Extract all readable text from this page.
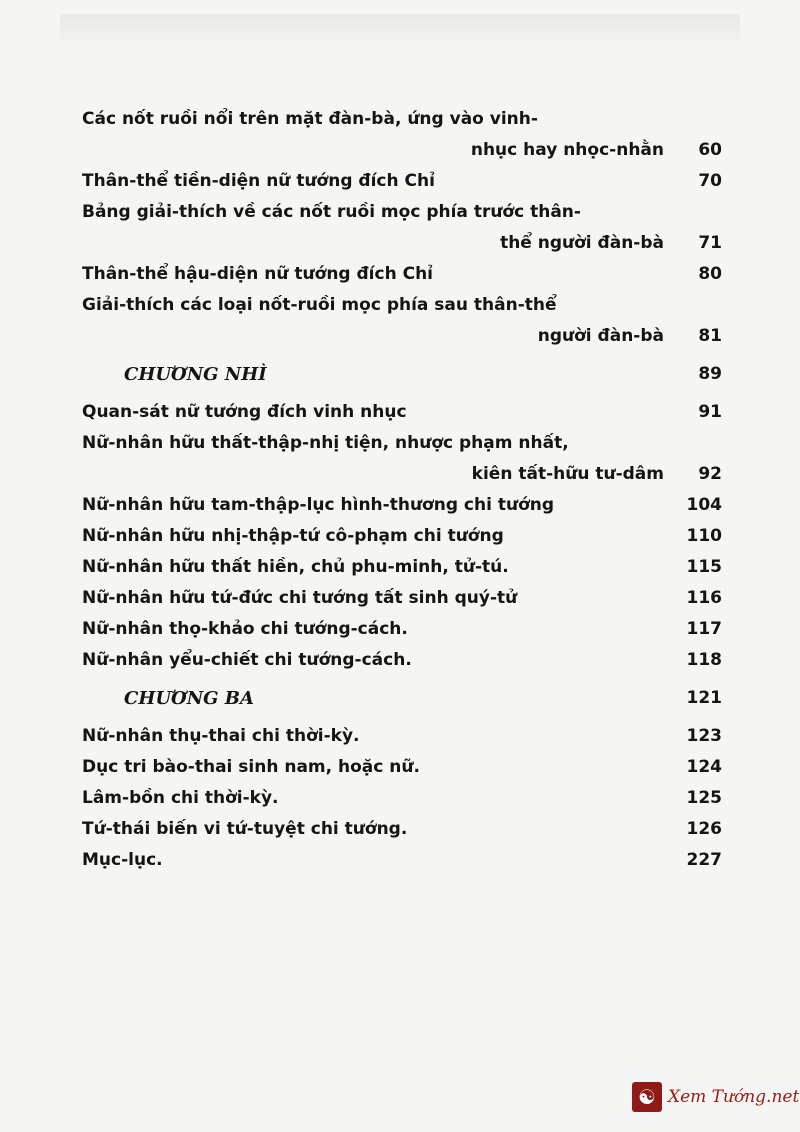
Các nốt ruồi nổi trên mặt đàn-bà, ứng vào vinh-
nhục hay nhọc-nhằn	60
Thân-thể tiền-diện nữ tướng đích Chỉ	70
Bảng giải-thích về các nốt ruồi mọc phía trước thân-
thể người đàn-bà	71
Thân-thể hậu-diện nữ tướng đích Chỉ	80
Giải-thích các loại nốt-ruồi mọc phía sau thân-thể
người đàn-bà	81
CHƯƠNG NHÌ	89
Quan-sát nữ tướng đích vinh nhục	91
Nữ-nhân hữu thất-thập-nhị tiện, nhược phạm nhất,
kiên tất-hữu tư-dâm	92
Nữ-nhân hữu tam-thập-lục hình-thương chi tướng	104
Nữ-nhân hữu nhị-thập-tứ cô-phạm chi tướng	110
Nữ-nhân hữu thất hiền, chủ phu-minh, tử-tú.	115
Nữ-nhân hữu tứ-đức chi tướng tất sinh quý-tử	116
Nữ-nhân thọ-khảo chi tướng-cách.	117
Nữ-nhân yểu-chiết chi tướng-cách.	118
CHƯƠNG BA	121
Nữ-nhân thụ-thai chi thời-kỳ.	123
Dục tri bào-thai sinh nam, hoặc nữ.	124
Lâm-bồn chi thời-kỳ.	125
Tứ-thái biến vi tứ-tuyệt chi tướng.	126
Mục-lục.	227
☯ Xem Tướng.net
